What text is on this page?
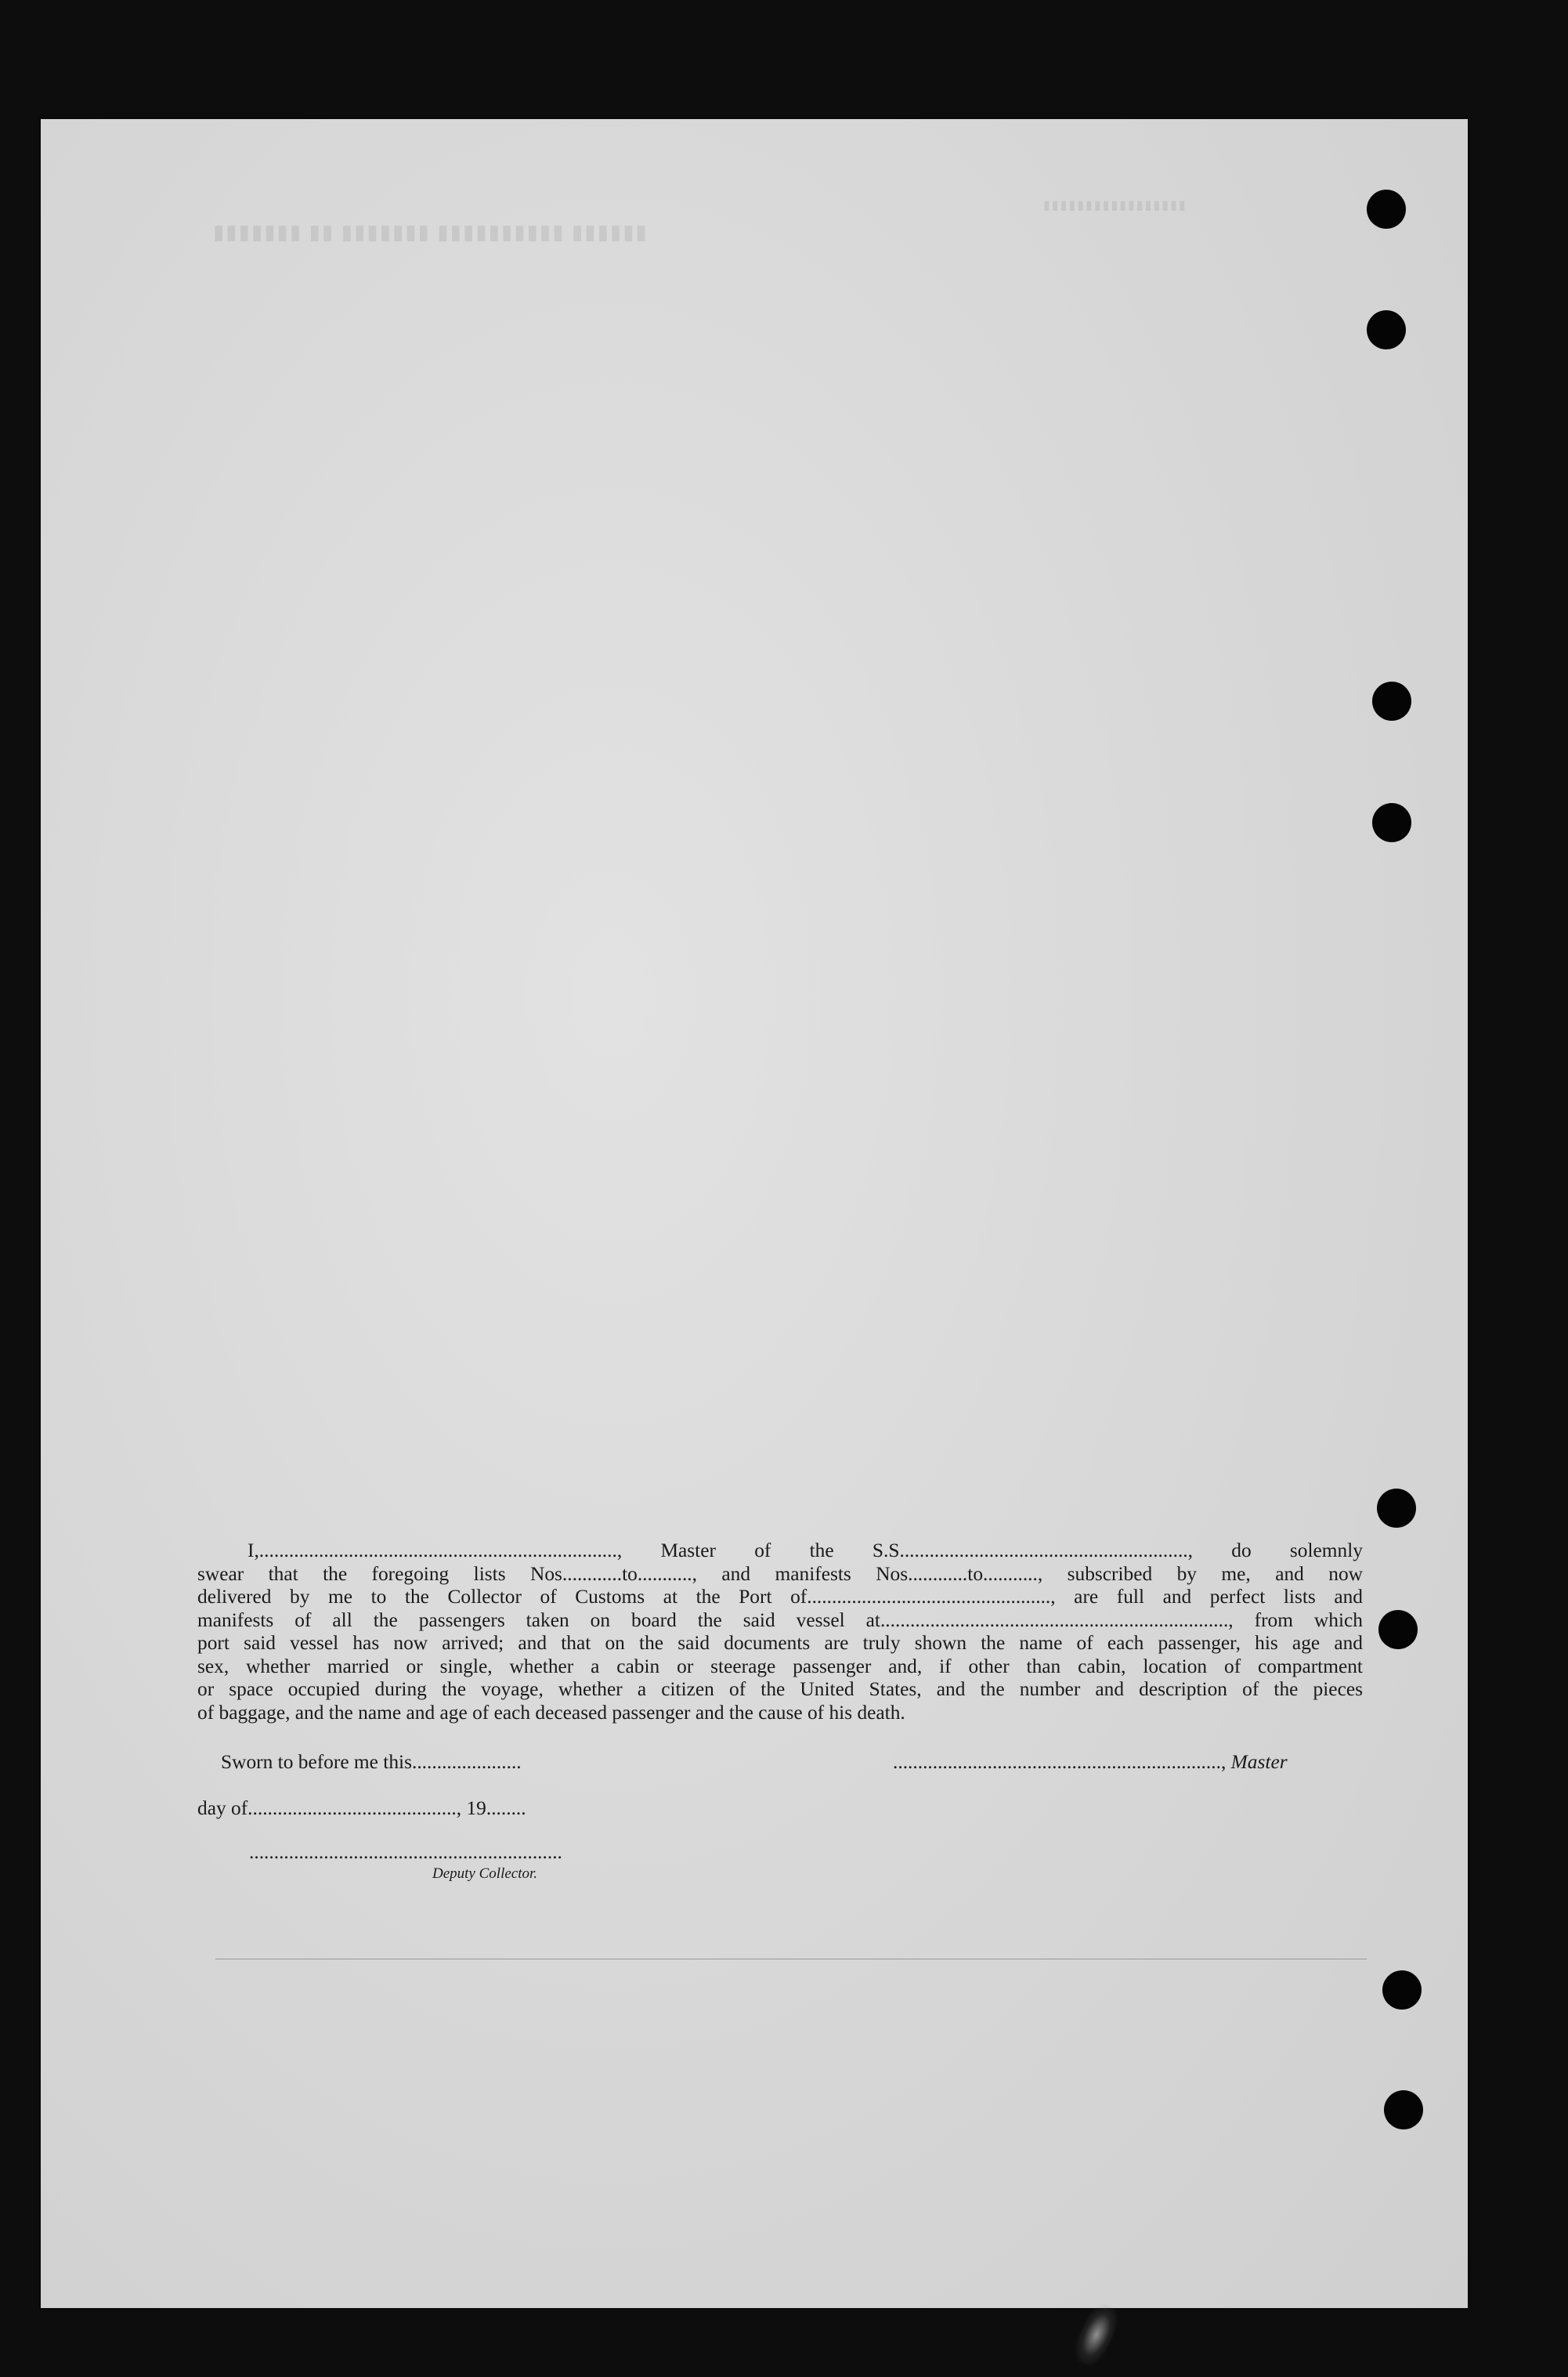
▮▮▮▮▮▮▮ ▮▮ ▮▮▮▮▮▮▮ ▮▮▮▮▮▮▮▮▮▮ ▮▮▮▮▮▮
▮▮▮▮▮▮▮▮▮▮▮▮▮▮▮▮▮
I,........................................................................, Master of the S.S.........................................................., do solemnly
swear that the foregoing lists Nos............to..........., and manifests Nos............to..........., subscribed by me, and now
delivered by me to the Collector of Customs at the Port of................................................., are full and perfect lists and
manifests of all the passengers taken on board the said vessel at......................................................................, from which
port said vessel has now arrived; and that on the said documents are truly shown the name of each passenger, his age and
sex, whether married or single, whether a cabin or steerage passenger and, if other than cabin, location of compartment
or space occupied during the voyage, whether a citizen of the United States, and the number and description of the pieces
of baggage, and the name and age of each deceased passenger and the cause of his death.
Sworn to before me this......................	.................................................................., Master
day of.........................................., 19........
...............................................................
Deputy Collector.
